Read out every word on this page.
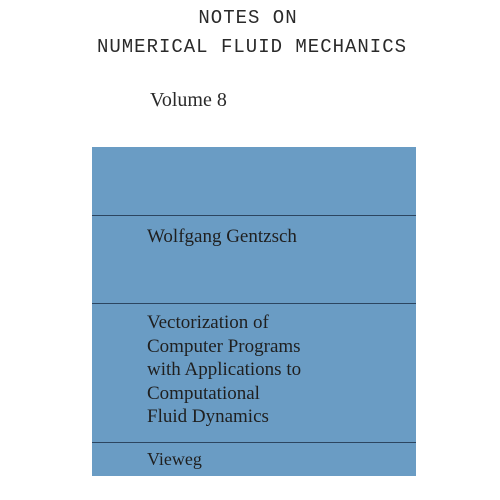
NOTES ON
NUMERICAL FLUID MECHANICS
Volume 8
Wolfgang Gentzsch
Vectorization of
Computer Programs
with Applications to
Computational
Fluid Dynamics
Vieweg
